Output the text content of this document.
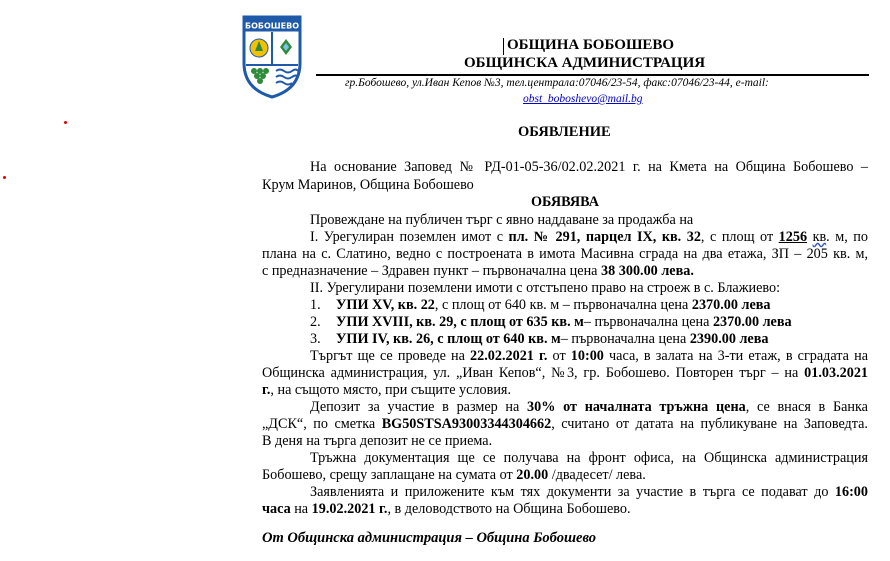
БОБОШЕВО
ОБЩИНА БОБОШЕВО
ОБЩИНСКА АДМИНИСТРАЦИЯ
гр.Бобошево, ул.Иван Кепов №3, тел.централа:07046/23-54, факс:07046/23-44, e-mail:
obst_boboshevo@mail.bg
ОБЯВЛЕНИЕ
На основание Заповед № РД-01-05-36/02.02.2021 г. на Кмета на Община Бобошево –
Крум Маринов, Община Бобошево
ОБЯВЯВА
Провеждане на публичен търг с явно наддаване за продажба на
I. Урегулиран поземлен имот с пл. № 291, парцел IX, кв. 32, с площ от 1256 кв. м, по
плана на с. Слатино, ведно с построената в имота Масивна сграда на два етажа, ЗП – 205 кв. м,
с предназначение – Здравен пункт – първоначална цена 38 300.00 лева.
II. Урегулирани поземлени имоти с отстъпено право на строеж в с. Блажиево:
1. УПИ XV, кв. 22, с площ от 640 кв. м – първоначална цена 2370.00 лева
2. УПИ XVIII, кв. 29, с площ от 635 кв. м– първоначална цена 2370.00 лева
3. УПИ IV, кв. 26, с площ от 640 кв. м– първоначална цена 2390.00 лева
Търгът ще се проведе на 22.02.2021 г. от 10:00 часа, в залата на 3-ти етаж, в сградата на
Общинска администрация, ул. „Иван Кепов“, №3, гр. Бобошево. Повторен търг – на 01.03.2021
г., на същото място, при същите условия.
Депозит за участие в размер на 30% от началната тръжна цена, се внася в Банка
„ДСК“, по сметка BG50STSA93003344304662, считано от датата на публикуване на Заповедта.
В деня на търга депозит не се приема.
Тръжна документация ще се получава на фронт офиса, на Общинска администрация
Бобошево, срещу заплащане на сумата от 20.00 /двадесет/ лева.
Заявленията и приложените към тях документи за участие в търга се подават до 16:00
часа на 19.02.2021 г., в деловодството на Община Бобошево.
От Общинска администрация – Община Бобошево
